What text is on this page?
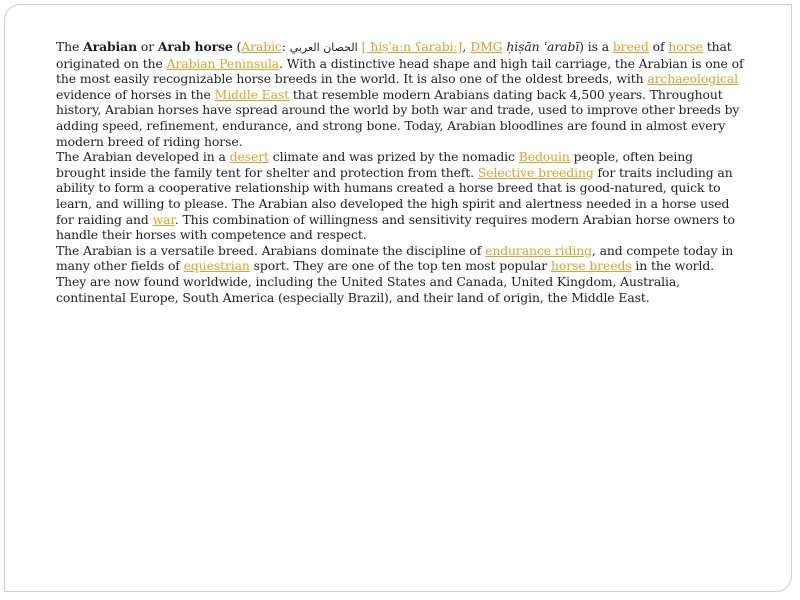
The Arabian or Arab horse (Arabic: الحصان العربي [ ħiṣˈaːn ʕarabiː], DMG ḥiṣān ʿarabī) is a breed of horse that originated on the Arabian Peninsula. With a distinctive head shape and high tail carriage, the Arabian is one of the most easily recognizable horse breeds in the world. It is also one of the oldest breeds, with archaeological evidence of horses in the Middle East that resemble modern Arabians dating back 4,500 years. Throughout history, Arabian horses have spread around the world by both war and trade, used to improve other breeds by adding speed, refinement, endurance, and strong bone. Today, Arabian bloodlines are found in almost every modern breed of riding horse.

The Arabian developed in a desert climate and was prized by the nomadic Bedouin people, often being brought inside the family tent for shelter and protection from theft. Selective breeding for traits including an ability to form a cooperative relationship with humans created a horse breed that is good-natured, quick to learn, and willing to please. The Arabian also developed the high spirit and alertness needed in a horse used for raiding and war. This combination of willingness and sensitivity requires modern Arabian horse owners to handle their horses with competence and respect.

The Arabian is a versatile breed. Arabians dominate the discipline of endurance riding, and compete today in many other fields of equestrian sport. They are one of the top ten most popular horse breeds in the world. They are now found worldwide, including the United States and Canada, United Kingdom, Australia, continental Europe, South America (especially Brazil), and their land of origin, the Middle East.
